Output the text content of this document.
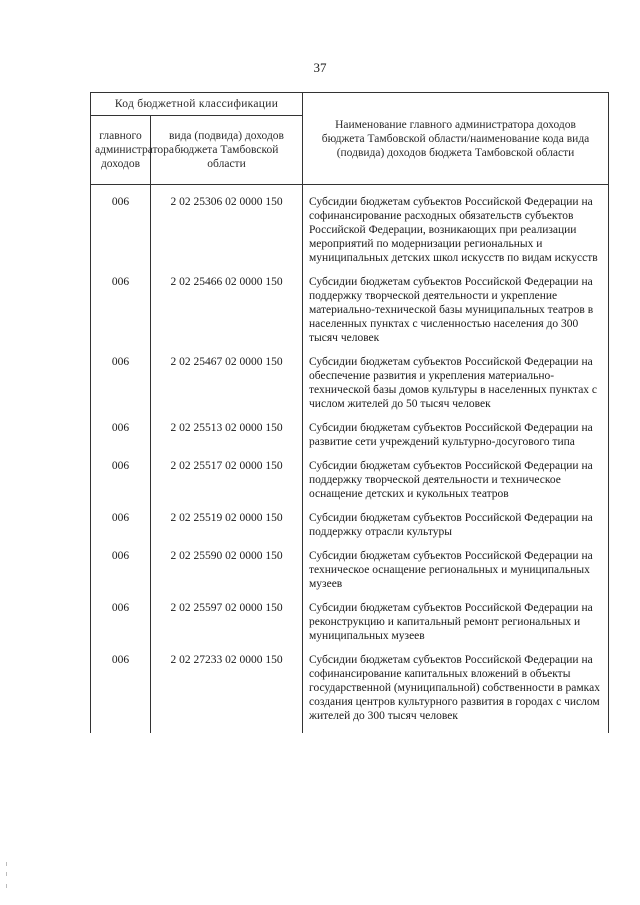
37
Код бюджетной классификации		Наименование главного администратора доходов бюджета Тамбовской области/наименование кода вида (подвида) доходов бюджета Тамбовской области
главного администратора доходов	вида (подвида) доходов бюджета Тамбовской области	
006	2 02 25306 02 0000 150	Субсидии бюджетам субъектов Российской Федерации на софинансирование расходных обязательств субъектов Российской Федерации, возникающих при реализации мероприятий по модернизации региональных и муниципальных детских школ искусств по видам искусств
006	2 02 25466 02 0000 150	Субсидии бюджетам субъектов Российской Федерации на поддержку творческой деятельности и укрепление материально-технической базы муниципальных театров в населенных пунктах с численностью населения до 300 тысяч человек
006	2 02 25467 02 0000 150	Субсидии бюджетам субъектов Российской Федерации на обеспечение развития и укрепления материально-технической базы домов культуры в населенных пунктах с числом жителей до 50 тысяч человек
006	2 02 25513 02 0000 150	Субсидии бюджетам субъектов Российской Федерации на развитие сети учреждений культурно-досугового типа
006	2 02 25517 02 0000 150	Субсидии бюджетам субъектов Российской Федерации на поддержку творческой деятельности и техническое оснащение детских и кукольных театров
006	2 02 25519 02 0000 150	Субсидии бюджетам субъектов Российской Федерации на поддержку отрасли культуры
006	2 02 25590 02 0000 150	Субсидии бюджетам субъектов Российской Федерации на техническое оснащение региональных и муниципальных музеев
006	2 02 25597 02 0000 150	Субсидии бюджетам субъектов Российской Федерации на реконструкцию и капитальный ремонт региональных и муниципальных музеев
006	2 02 27233 02 0000 150	Субсидии бюджетам субъектов Российской Федерации на софинансирование капитальных вложений в объекты государственной (муниципальной) собственности в рамках создания центров культурного развития в городах с числом жителей до 300 тысяч человек
